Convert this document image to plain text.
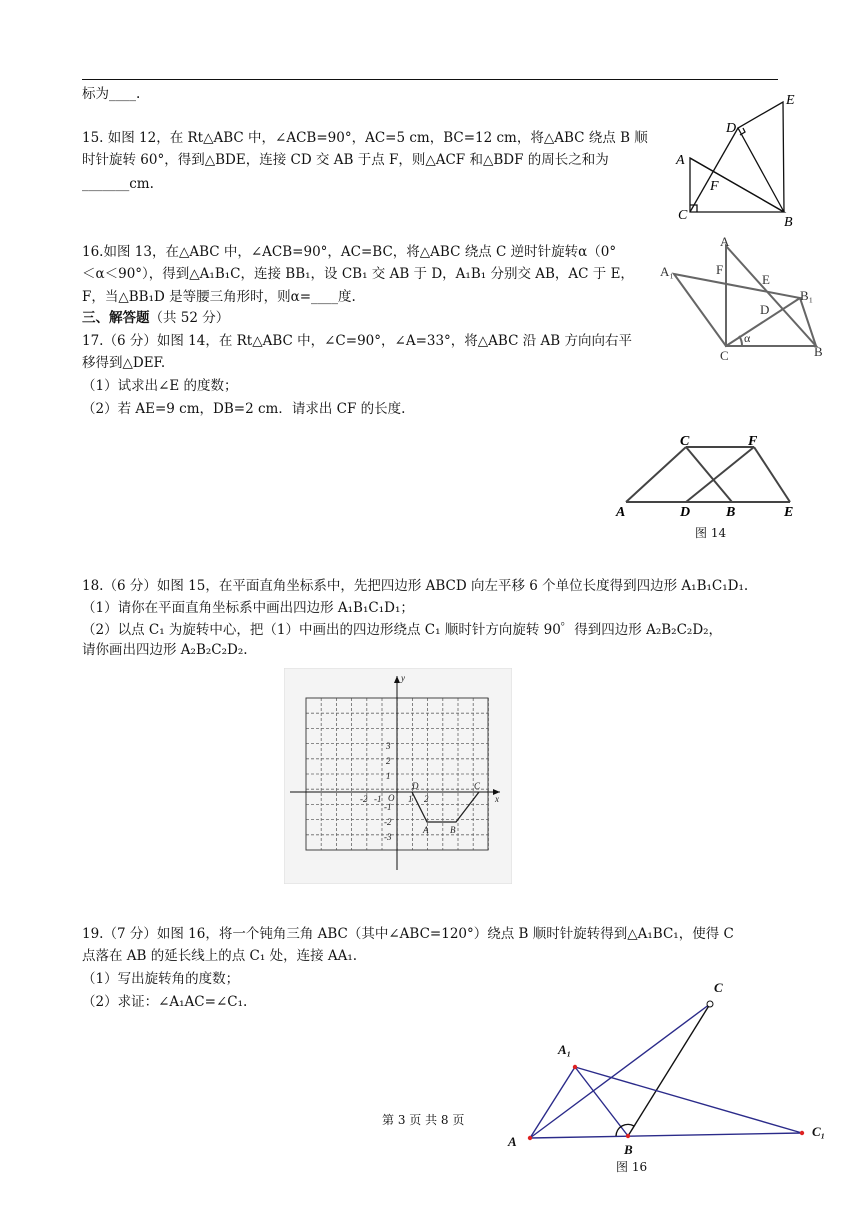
标为____.
15. 如图 12，在 Rt△ABC 中，∠ACB=90°，AC=5 cm，BC=12 cm，将△ABC 绕点 B 顺
时针旋转 60°，得到△BDE，连接 CD 交 AB 于点 F，则△ACF 和△BDF 的周长之和为
_______cm.
A
B
C
D
E
F
16.如图 13，在△ABC 中，∠ACB=90°，AC=BC，将△ABC 绕点 C 逆时针旋转α（0°
＜α＜90°），得到△A₁B₁C，连接 BB₁，设 CB₁ 交 AB 于 D，A₁B₁ 分别交 AB，AC 于 E，
F，当△BB₁D 是等腰三角形时，则α=____度.
A
A₁	F
E
D
B₁
C	B
α
三、解答题（共 52 分）
17.（6 分）如图 14，在 Rt△ABC 中，∠C=90°，∠A=33°，将△ABC 沿 AB 方向向右平
移得到△DEF.
（1）试求出∠E 的度数；
（2）若 AE=9 cm，DB=2 cm．请求出 CF 的长度.
A	B
C
D	E
F
图 14
18.（6 分）如图 15，在平面直角坐标系中，先把四边形 ABCD 向左平移 6 个单位长度得到四边形 A₁B₁C₁D₁.
（1）请你在平面直角坐标系中画出四边形 A₁B₁C₁D₁；
（2）以点 C₁ 为旋转中心，把（1）中画出的四边形绕点 C₁ 顺时针方向旋转 90゜得到四边形 A₂B₂C₂D₂，
请你画出四边形 A₂B₂C₂D₂.
y
x
O
3
2
1
-1
-2
-3
-2 -1	1 2
A B
C
D
19.（7 分）如图 16，将一个钝角三角 ABC（其中∠ABC=120°）绕点 B 顺时针旋转得到△A₁BC₁，使得 C
点落在 AB 的延长线上的点 C₁ 处，连接 AA₁.
（1）写出旋转角的度数；
（2）求证：∠A₁AC=∠C₁.
A
A₁
B
C
C₁
图 16
第 3 页 共 8 页
